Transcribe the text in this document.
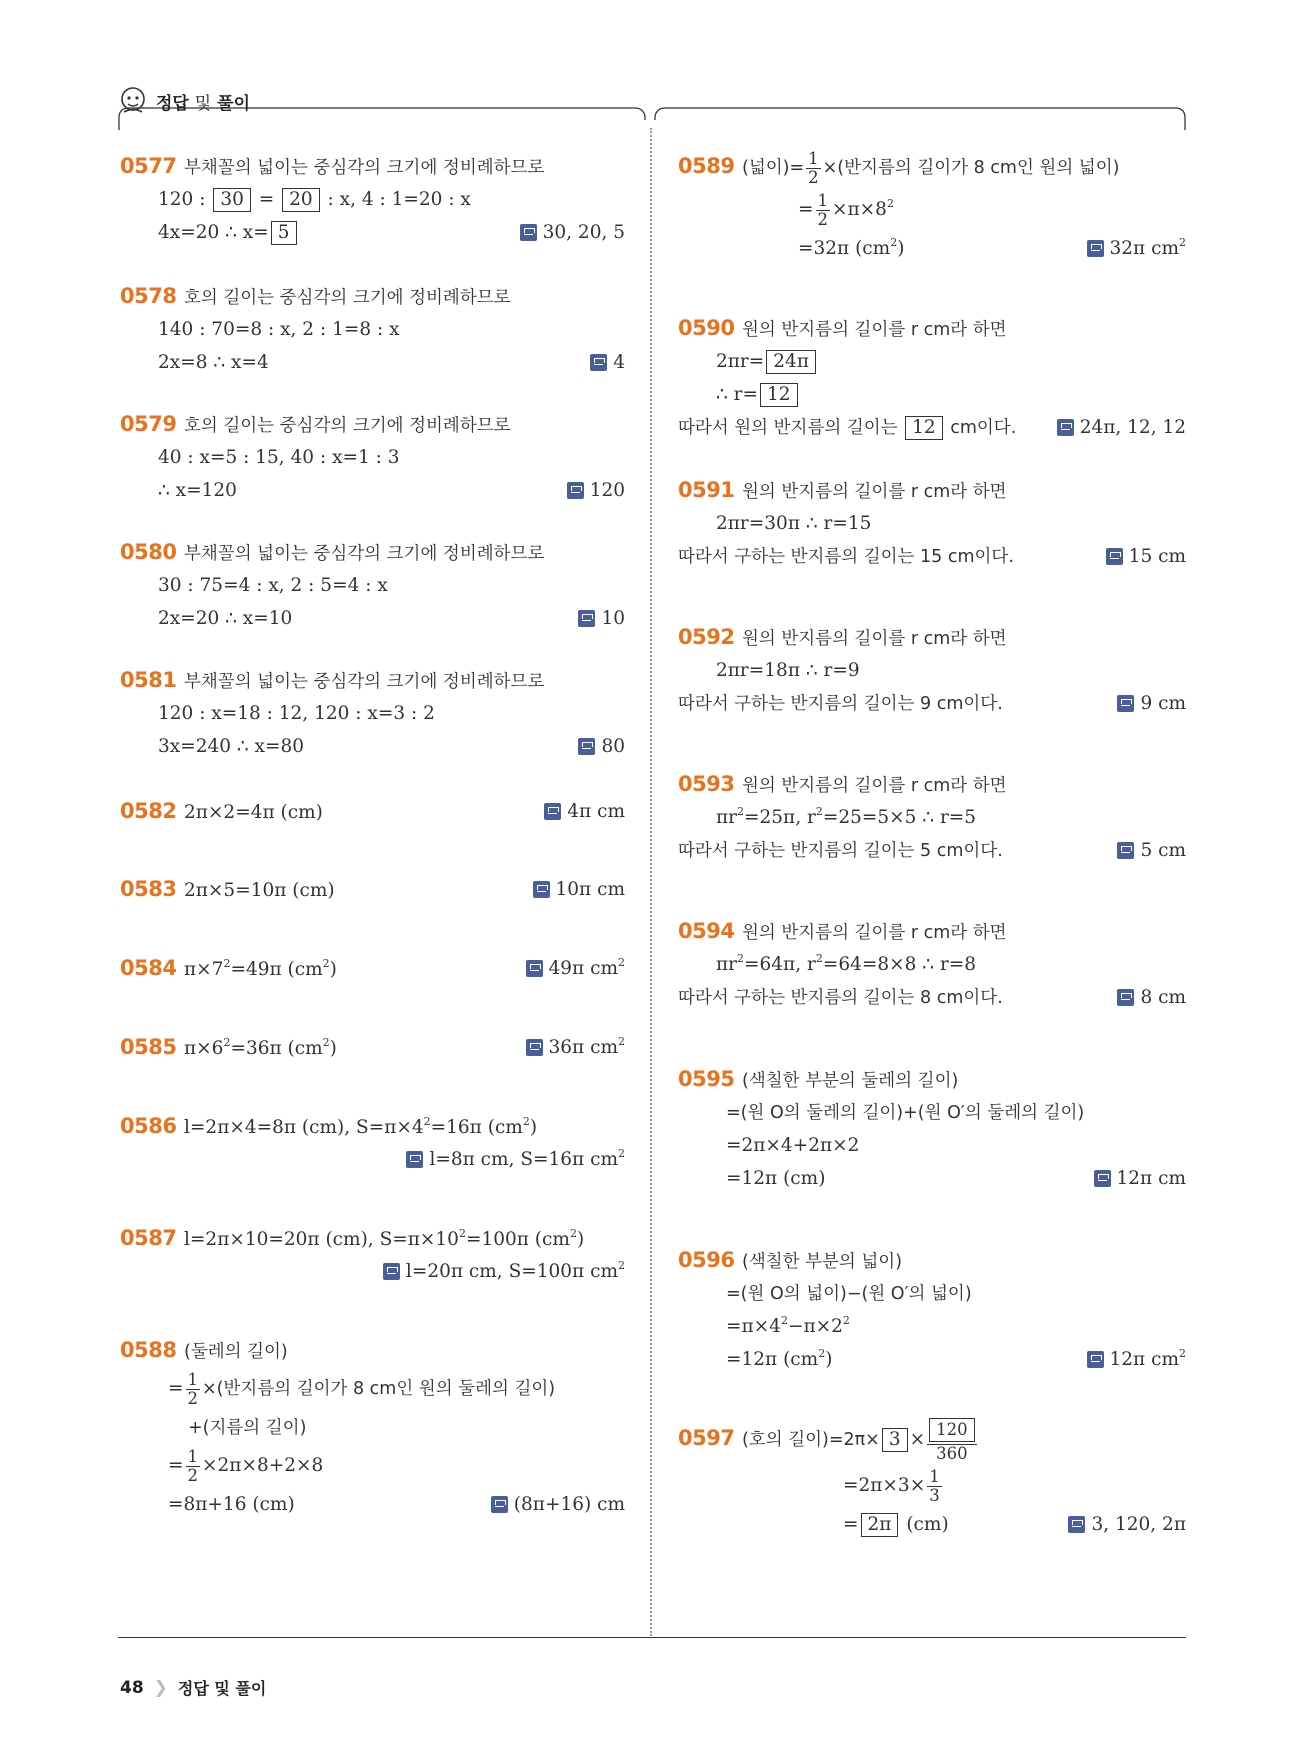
정답 및 풀이
0577 부채꼴의 넓이는 중심각의 크기에 정비례하므로
120 : 30 = 20 : x, 4 : 1=20 : x
4x=20 ∴ x= 5	30, 20, 5
0578 호의 길이는 중심각의 크기에 정비례하므로
140 : 70=8 : x, 2 : 1=8 : x
2x=8 ∴ x=4	4
0579 호의 길이는 중심각의 크기에 정비례하므로
40 : x=5 : 15, 40 : x=1 : 3
∴ x=120	120
0580 부채꼴의 넓이는 중심각의 크기에 정비례하므로
30 : 75=4 : x, 2 : 5=4 : x
2x=20 ∴ x=10	10
0581 부채꼴의 넓이는 중심각의 크기에 정비례하므로
120 : x=18 : 12, 120 : x=3 : 2
3x=240 ∴ x=80	80
0582 2π×2=4π (cm)	4π cm
0583 2π×5=10π (cm)	10π cm
0584 $\pi\times 7^2=49\pi$ $(cm^2)$	49π $cm^2$
0585 $\pi\times 6^2=36\pi$ $(cm^2)$	36π $cm^2$
0586 l=2π×4=8π (cm), $S=\pi\times 4^2=16\pi$ $(cm^2)$
l=8π cm, S=16π $cm^2$
0587 l=2π×10=20π (cm), $S=\pi\times 10^2=100\pi$ $(cm^2)$
l=20π cm, S=100π $cm^2$
0588 (둘레의 길이)
= $\frac{1}{2}$ ×(반지름의 길이가 8 cm인 원의 둘레의 길이)
+(지름의 길이)
= $\frac{1}{2} \times 2\pi\times 8+2\times 8$
=8π+16 (cm)	(8π+16) cm
0589 (넓이)= $\frac{1}{2}$ ×(반지름의 길이가 8 cm인 원의 넓이)
= $\frac{1}{2} \times\pi\times 8^2$
=32π $(cm^2)$	32π $cm^2$
0590 원의 반지름의 길이를 r cm라 하면
2πr= 24π
∴ r= 12
따라서 원의 반지름의 길이는 12 cm이다.	24π, 12, 12
0591 원의 반지름의 길이를 r cm라 하면
2πr=30π ∴ r=15
따라서 구하는 반지름의 길이는 15 cm이다.	15 cm
0592 원의 반지름의 길이를 r cm라 하면
2πr=18π ∴ r=9
따라서 구하는 반지름의 길이는 9 cm이다.	9 cm
0593 원의 반지름의 길이를 r cm라 하면
$\pi r^2=25\pi$, $r^2=25=5\times 5$ ∴ r=5
따라서 구하는 반지름의 길이는 5 cm이다.	5 cm
0594 원의 반지름의 길이를 r cm라 하면
$\pi r^2=64\pi$, $r^2=64=8\times 8$ ∴ r=8
따라서 구하는 반지름의 길이는 8 cm이다.	8 cm
0595 (색칠한 부분의 둘레의 길이)
=(원 O의 둘레의 길이)+(원 O′의 둘레의 길이)
=2π×4+2π×2
=12π (cm)	12π cm
0596 (색칠한 부분의 넓이)
=(원 O의 넓이)−(원 O′의 넓이)
$=\pi\times 4^2-\pi\times 2^2$
=12π $(cm^2)$	12π $cm^2$
0597 (호의 길이)$=2\pi\times 3 \times \frac{120}{360}$
$=2\pi\times 3\times \frac{1}{3}$
= 2π (cm)	3, 120, 2π
48 ❯ 정답 및 풀이
